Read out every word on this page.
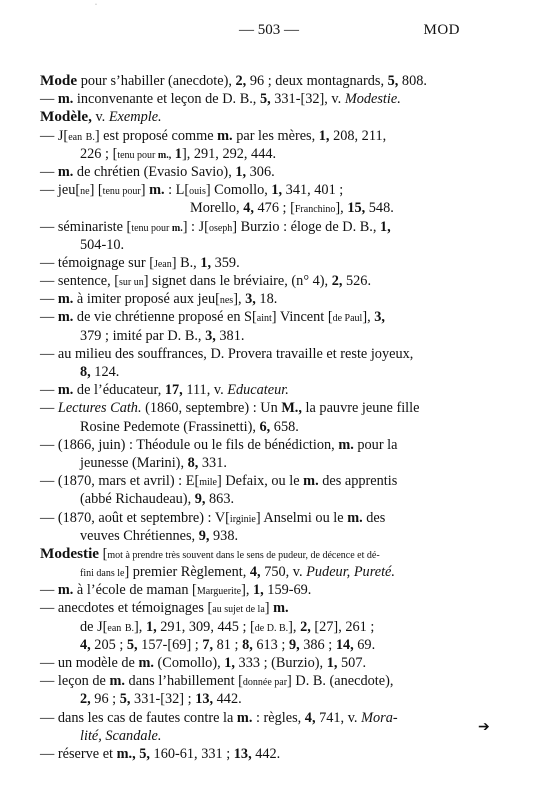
·
— 503 —	MOD
Mode pour s’habiller (anecdote), 2, 96 ; deux montagnards, 5, 808.
— m. inconvenante et leçon de D. B., 5, 331-[32], v. Modestie.
Modèle, v. Exemple.
— J[ean B.] est proposé comme m. par les mères, 1, 208, 211,
226 ; [tenu pour m., 1], 291, 292, 444.
— m. de chrétien (Evasio Savio), 1, 306.
— jeu[ne] [tenu pour] m. : L[ouis] Comollo, 1, 341, 401 ;
Morello, 4, 476 ; [Franchino], 15, 548.
— séminariste [tenu pour m.] : J[oseph] Burzio : éloge de D. B., 1,
504-10.
— témoignage sur [Jean] B., 1, 359.
— sentence, [sur un] signet dans le bréviaire, (n° 4), 2, 526.
— m. à imiter proposé aux jeu[nes], 3, 18.
— m. de vie chrétienne proposé en S[aint] Vincent [de Paul], 3,
379 ; imité par D. B., 3, 381.
— au milieu des souffrances, D. Provera travaille et reste joyeux,
8, 124.
— m. de l’éducateur, 17, 111, v. Educateur.
— Lectures Cath. (1860, septembre) : Un M., la pauvre jeune fille
Rosine Pedemote (Frassinetti), 6, 658.
— (1866, juin) : Théodule ou le fils de bénédiction, m. pour la
jeunesse (Marini), 8, 331.
— (1870, mars et avril) : E[mile] Defaix, ou le m. des apprentis
(abbé Richaudeau), 9, 863.
— (1870, août et septembre) : V[irginie] Anselmi ou le m. des
veuves Chrétiennes, 9, 938.
Modestie [mot à prendre très souvent dans le sens de pudeur, de décence et dé-
fini dans le] premier Règlement, 4, 750, v. Pudeur, Pureté.
— m. à l’école de maman [Marguerite], 1, 159-69.
— anecdotes et témoignages [au sujet de la] m.
de J[ean B.], 1, 291, 309, 445 ; [de D. B.], 2, [27], 261 ;
4, 205 ; 5, 157-[69] ; 7, 81 ; 8, 613 ; 9, 386 ; 14, 69.
— un modèle de m. (Comollo), 1, 333 ; (Burzio), 1, 507.
— leçon de m. dans l’habillement [donnée par] D. B. (anecdote),
2, 96 ; 5, 331-[32] ; 13, 442.
— dans les cas de fautes contre la m. : règles, 4, 741, v. Mora-
lité, Scandale.
— réserve et m., 5, 160-61, 331 ; 13, 442.
➔
